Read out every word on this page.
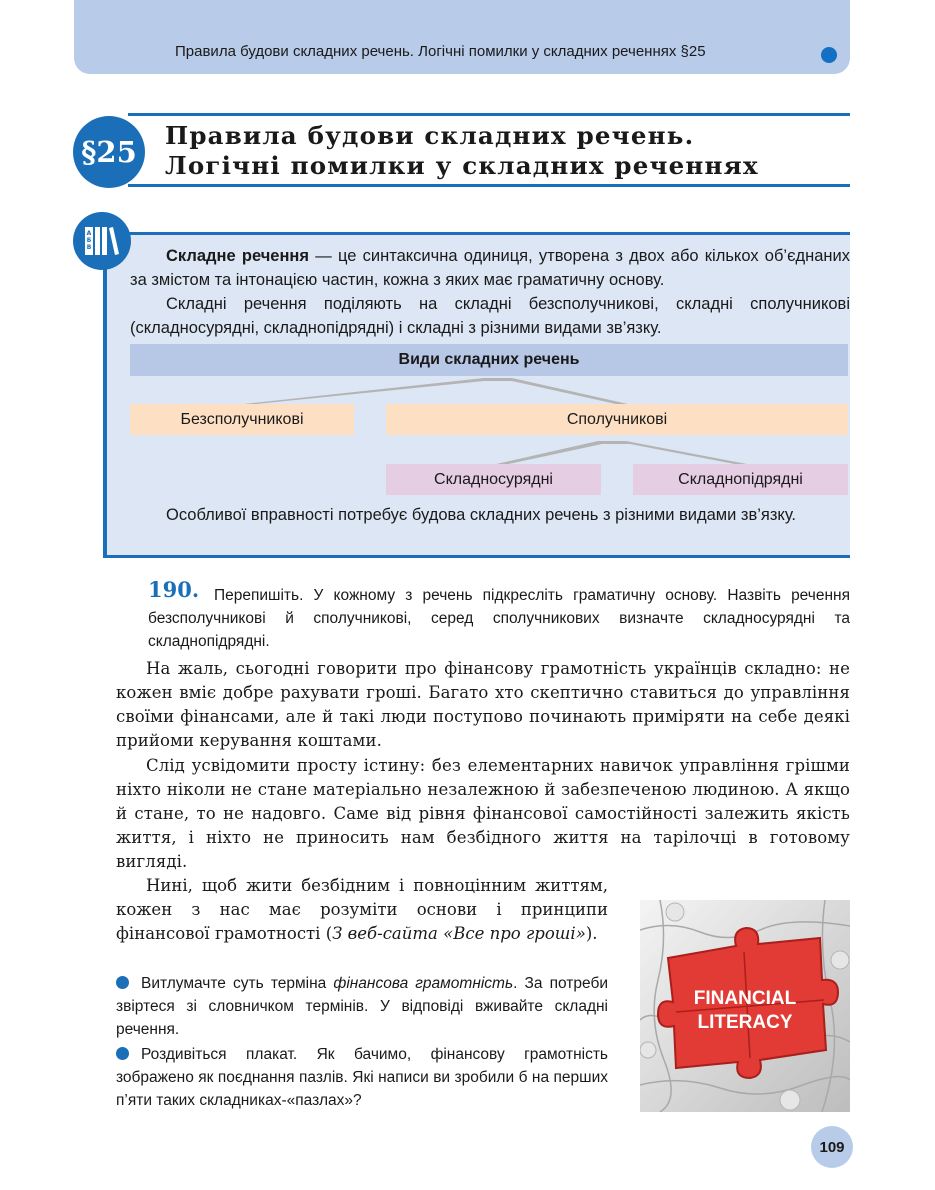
Правила будови складних речень. Логічні помилки у складних реченнях §25
§25	Правила будови складних речень.
Логічні помилки у складних реченнях
А
Б
В	Складне речення — це синтаксична одиниця, утворена з двох або кількох об’єднаних за змістом та інтонацією частин, кожна з яких має граматичну основу.
Складні речення поділяють на складні безсполучникові, складні сполучникові (складносурядні, складнопідрядні) і складні з різними видами зв’язку.
Види складних речень
Безсполучникові	Сполучникові
Складносурядні	Складнопідрядні
Особливої вправності потребує будова складних речень з різними видами зв’язку.
190. Перепишіть. У кожному з речень підкресліть граматичну основу. Назвіть речення безсполучникові й сполучникові, серед сполучникових визначте складносурядні та складнопідрядні.
На жаль, сьогодні говорити про фінансову грамотність українців складно: не кожен вміє добре рахувати гроші. Багато хто скептично ставиться до управління своїми фінансами, але й такі люди поступово починають приміряти на себе деякі прийоми керування коштами.
Слід усвідомити просту істину: без елементарних навичок управління грішми ніхто ніколи не стане матеріально незалежною й забезпеченою людиною. А якщо й стане, то не надовго. Саме від рівня фінансової самостійності залежить якість життя, і ніхто не приносить нам безбідного життя на тарілочці в готовому вигляді.
Нині, щоб жити безбідним і повноцінним життям, кожен з нас має розуміти основи і принципи фінансової грамотності (З веб-сайта «Все про гроші»).
Витлумачте суть терміна фінансова грамотність. За потреби звіртеся зі словничком термінів. У відповіді вживайте складні речення.
Роздивіться плакат. Як бачимо, фінансову грамотність зображено як поєднання пазлів. Які написи ви зробили б на перших п’яти таких складниках-«пазлах»?
FINANCIAL
LITERACY
109
